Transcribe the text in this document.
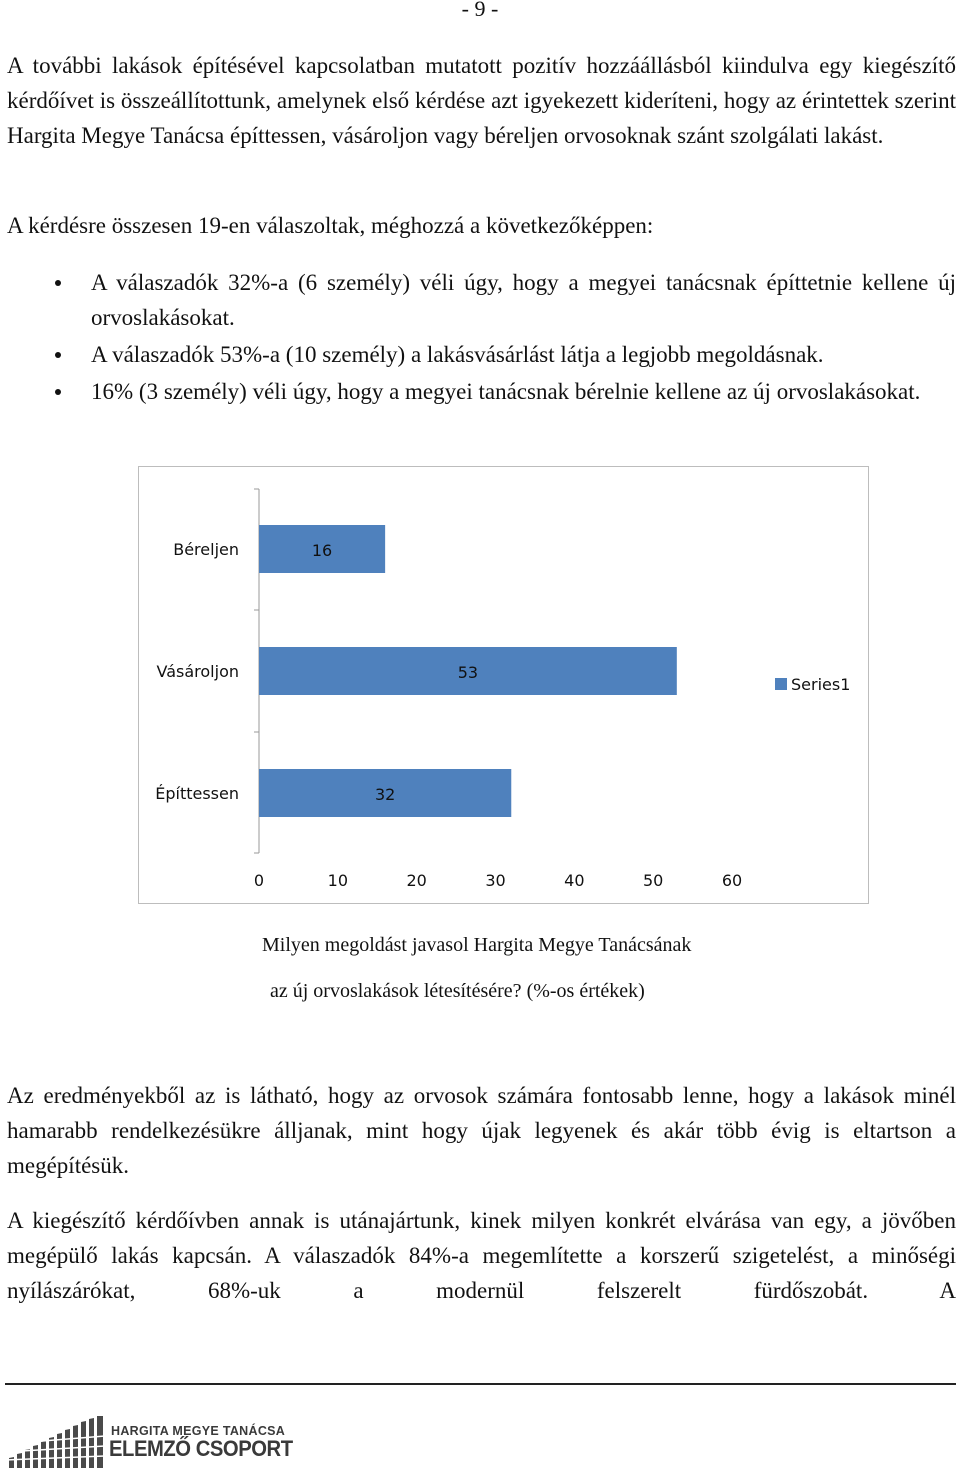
- 9 -

A további lakások építésével kapcsolatban mutatott pozitív hozzáállásból kiindulva egy kiegészítő kérdőívet is összeállítottunk, amelynek első kérdése azt igyekezett kideríteni, hogy az érintettek szerint Hargita Megye Tanácsa építtessen, vásároljon vagy béreljen orvosoknak szánt szolgálati lakást.

A kérdésre összesen 19-en válaszoltak, méghozzá a következőképpen:

A válaszadók 32%-a (6 személy) véli úgy, hogy a megyei tanácsnak építtetnie kellene új orvoslakásokat.
A válaszadók 53%-a (10 személy) a lakásvásárlást látja a legjobb megoldásnak.
16% (3 személy) véli úgy, hogy a megyei tanácsnak bérelnie kellene az új orvoslakásokat.
Béreljen	16
Vásároljon	53
Építtessen	32
0	10	20	30	40	50	60
Series1
Milyen megoldást javasol Hargita Megye Tanácsának
az új orvoslakások létesítésére? (%-os értékek)

Az eredményekből az is látható, hogy az orvosok számára fontosabb lenne, hogy a lakások minél hamarabb rendelkezésükre álljanak, mint hogy újak legyenek és akár több évig is eltartson a megépítésük.

A kiegészítő kérdőívben annak is utánajártunk, kinek milyen konkrét elvárása van egy, a jövőben megépülő lakás kapcsán. A válaszadók 84%-a megemlítette a korszerű szigetelést, a minőségi nyílászárókat, 68%-uk a modernül felszerelt fürdőszobát. A

HARGITA MEGYE TANÁCSA
ELEMZŐ CSOPORT
